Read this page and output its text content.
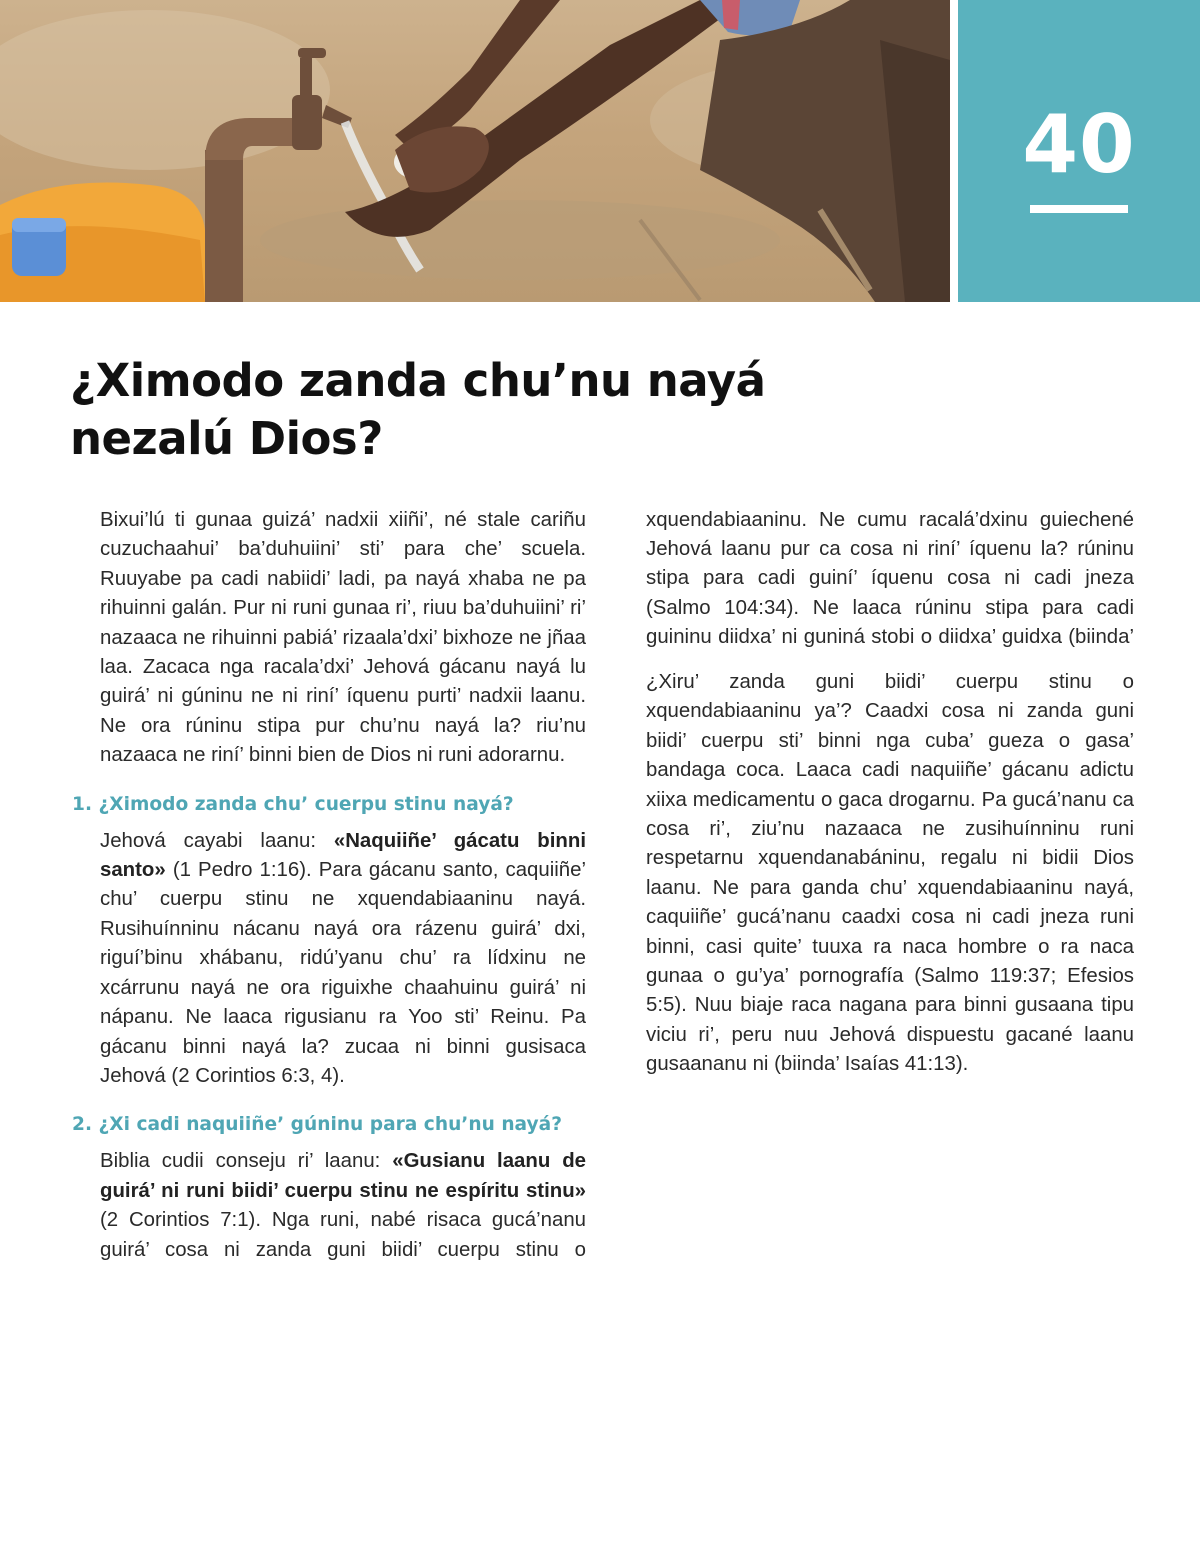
40
¿Ximodo zanda chu’nu nayá nezalú Dios?

Bixui’lú ti gunaa guizá’ nadxii xiiñi’, né stale cariñu cuzuchaahui’ ba’duhuiini’ sti’ para che’ scuela. Ruuyabe pa cadi nabiidi’ ladi, pa nayá xhaba ne pa rihuinni galán. Pur ni runi gunaa ri’, riuu ba’duhuiini’ ri’ nazaaca ne rihuinni pabiá’ rizaala’dxi’ bixhoze ne jñaa laa. Zacaca nga racala’dxi’ Jehová gácanu nayá lu guirá’ ni gúninu ne ni riní’ íquenu purti’ nadxii laanu. Ne ora rúninu stipa pur chu’nu nayá la? riu’nu nazaaca ne riní’ binni bien de Dios ni runi adorarnu.

1. ¿Ximodo zanda chu’ cuerpu stinu nayá?

Jehová cayabi laanu: «Naquiiñe’ gácatu binni santo» (1 Pedro 1:16). Para gácanu santo, caquiiñe’ chu’ cuerpu stinu ne xquendabiaaninu nayá. Rusihuínninu nácanu nayá ora rázenu guirá’ dxi, riguí’binu xhábanu, ridú’yanu chu’ ra lídxinu ne xcárrunu nayá ne ora riguixhe chaahuinu guirá’ ni nápanu. Ne laaca rigusianu ra Yoo sti’ Reinu. Pa gácanu binni nayá la? zucaa ni binni gusisaca Jehová (2 Corintios 6:3, 4).

2. ¿Xi cadi naquiiñe’ gúninu para chu’nu nayá?

Biblia cudii conseju ri’ laanu: «Gusianu laanu de guirá’ ni runi biidi’ cuerpu stinu ne espíritu stinu» (2 Corintios 7:1). Nga runi, nabé risaca gucá’nanu guirá’ cosa ni zanda guni biidi’ cuerpu stinu o

xquendabiaaninu. Ne cumu racalá’dxinu guiechené Jehová laanu pur ca cosa ni riní’ íquenu la? rúninu stipa para cadi guiní’ íquenu cosa ni cadi jneza (Salmo 104:34). Ne laaca rúninu stipa para cadi guininu diidxa’ ni guniná stobi o diidxa’ guidxa (biinda’

¿Xiru’ zanda guni biidi’ cuerpu stinu o xquendabiaaninu ya’? Caadxi cosa ni zanda guni biidi’ cuerpu sti’ binni nga cuba’ gueza o gasa’ bandaga coca. Laaca cadi naquiiñe’ gácanu adictu xiixa medicamentu o gaca drogarnu. Pa gucá’nanu ca cosa ri’, ziu’nu nazaaca ne zusihuínninu runi respetarnu xquendanabáninu, regalu ni bidii Dios laanu. Ne para ganda chu’ xquendabiaaninu nayá, caquiiñe’ gucá’nanu caadxi cosa ni cadi jneza runi binni, casi quite’ tuuxa ra naca hombre o ra naca gunaa o gu’ya’ pornografía (Salmo 119:37; Efesios 5:5). Nuu biaje raca nagana para binni gusaana tipu viciu ri’, peru nuu Jehová dispuestu gacané laanu gusaananu ni (biinda’ Isaías 41:13).
